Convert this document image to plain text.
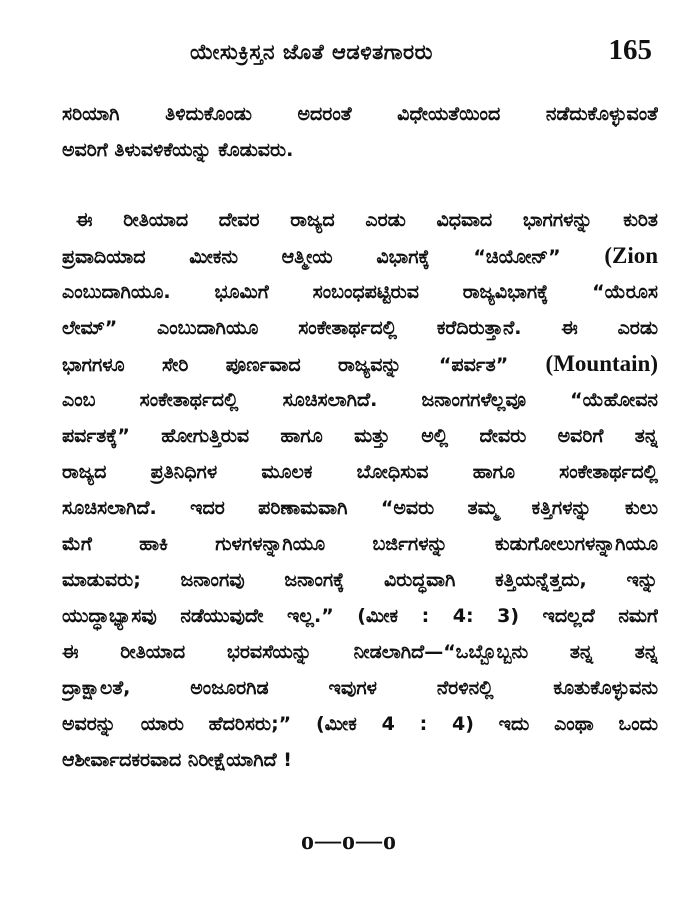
ಯೇಸುಕ್ರಿಸ್ತನ ಜೊತೆ ಆಡಳಿತಗಾರರು	165
ಸರಿಯಾಗಿ ತಿಳಿದುಕೊಂಡು ಅದರಂತೆ ವಿಧೇಯತೆಯಿಂದ ನಡೆದುಕೊಳ್ಳುವಂತೆ
ಅವರಿಗೆ ತಿಳುವಳಿಕೆಯನ್ನು ಕೊಡುವರು.
ಈ ರೀತಿಯಾದ ದೇವರ ರಾಜ್ಯದ ಎರಡು ವಿಧವಾದ ಭಾಗಗಳನ್ನು ಕುರಿತ
ಪ್ರವಾದಿಯಾದ ಮೀಕನು ಆತ್ಮೀಯ ವಿಭಾಗಕ್ಕೆ “ಚಿಯೋನ್” (Zion
ಎಂಬುದಾಗಿಯೂ. ಭೂಮಿಗೆ ಸಂಬಂಧಪಟ್ಟಿರುವ ರಾಜ್ಯವಿಭಾಗಕ್ಕೆ “ಯೆರೂಸ
ಲೇಮ್” ಎಂಬುದಾಗಿಯೂ ಸಂಕೇತಾರ್ಥದಲ್ಲಿ ಕರೆದಿರುತ್ತಾನೆ. ಈ ಎರಡು
ಭಾಗಗಳೂ ಸೇರಿ ಪೂರ್ಣವಾದ ರಾಜ್ಯವನ್ನು “ಪರ್ವತ” (Mountain)
ಎಂಬ ಸಂಕೇತಾರ್ಥದಲ್ಲಿ ಸೂಚಿಸಲಾಗಿದೆ. ಜನಾಂಗಗಳೆಲ್ಲವೂ “ಯೆಹೋವನ
ಪರ್ವತಕ್ಕೆ” ಹೋಗುತ್ತಿರುವ ಹಾಗೂ ಮತ್ತು ಅಲ್ಲಿ ದೇವರು ಅವರಿಗೆ ತನ್ನ
ರಾಜ್ಯದ ಪ್ರತಿನಿಧಿಗಳ ಮೂಲಕ ಬೋಧಿಸುವ ಹಾಗೂ ಸಂಕೇತಾರ್ಥದಲ್ಲಿ
ಸೂಚಿಸಲಾಗಿದೆ. ಇದರ ಪರಿಣಾಮವಾಗಿ “ಅವರು ತಮ್ಮ ಕತ್ತಿಗಳನ್ನು ಕುಲು
ಮೆಗೆ ಹಾಕಿ ಗುಳಗಳನ್ನಾಗಿಯೂ ಬರ್ಜಿಗಳನ್ನು ಕುಡುಗೋಲುಗಳನ್ನಾಗಿಯೂ
ಮಾಡುವರು; ಜನಾಂಗವು ಜನಾಂಗಕ್ಕೆ ವಿರುದ್ಧವಾಗಿ ಕತ್ತಿಯನ್ನೆತ್ತದು, ಇನ್ನು
ಯುದ್ಧಾಭ್ಯಾಸವು ನಡೆಯುವುದೇ ಇಲ್ಲ.” (ಮೀಕ : 4: 3) ಇದಲ್ಲದೆ ನಮಗೆ
ಈ ರೀತಿಯಾದ ಭರವಸೆಯನ್ನು ನೀಡಲಾಗಿದೆ—“ಒಬ್ಬೊಬ್ಬನು ತನ್ನ ತನ್ನ
ದ್ರಾಕ್ಷಾಲತೆ, ಅಂಜೂರಗಿಡ ಇವುಗಳ ನೆರಳಿನಲ್ಲಿ ಕೂತುಕೊಳ್ಳುವನು
ಅವರನ್ನು ಯಾರು ಹೆದರಿಸರು;” (ಮೀಕ 4 : 4) ಇದು ಎಂಥಾ ಒಂದು
ಆಶೀರ್ವಾದಕರವಾದ ನಿರೀಕ್ಷೆಯಾಗಿದೆ !
o—o—o
